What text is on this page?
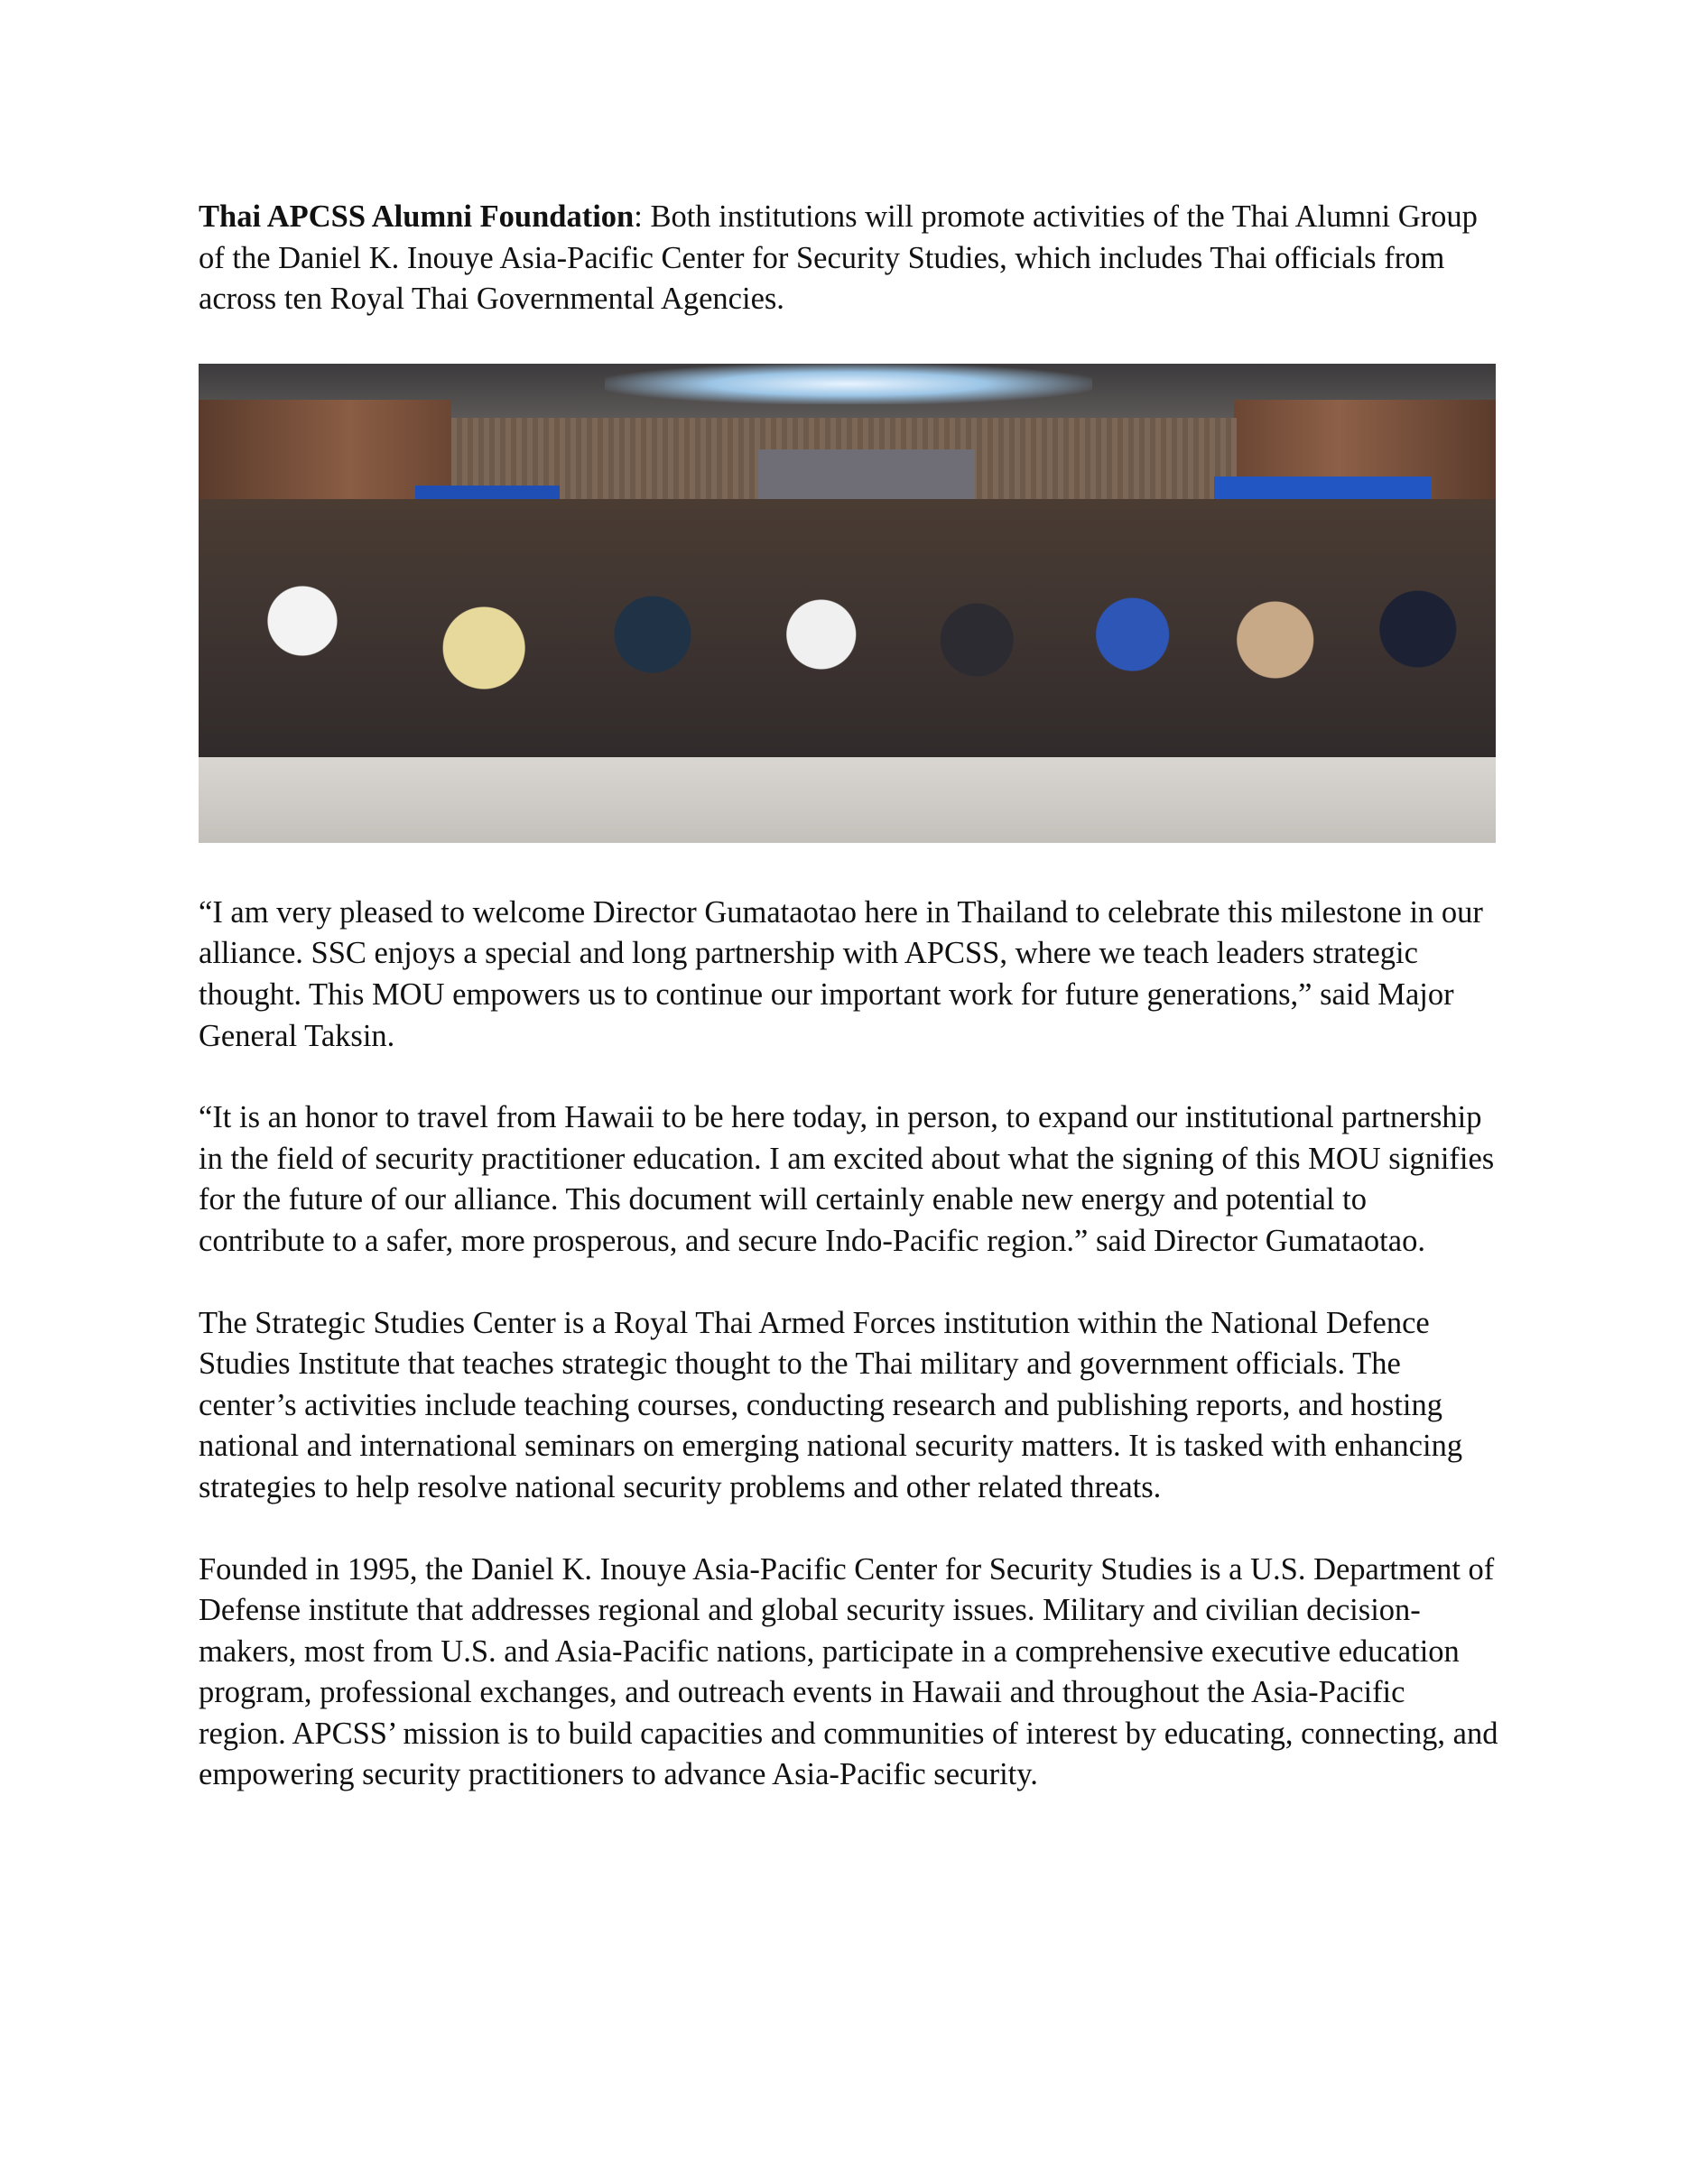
Thai APCSS Alumni Foundation: Both institutions will promote activities of the Thai Alumni Group of the Daniel K. Inouye Asia-Pacific Center for Security Studies, which includes Thai officials from across ten Royal Thai Governmental Agencies.

“I am very pleased to welcome Director Gumataotao here in Thailand to celebrate this milestone in our alliance. SSC enjoys a special and long partnership with APCSS, where we teach leaders strategic thought. This MOU empowers us to continue our important work for future generations,” said Major General Taksin.

“It is an honor to travel from Hawaii to be here today, in person, to expand our institutional partnership in the field of security practitioner education. I am excited about what the signing of this MOU signifies for the future of our alliance. This document will certainly enable new energy and potential to contribute to a safer, more prosperous, and secure Indo-Pacific region.” said Director Gumataotao.

The Strategic Studies Center is a Royal Thai Armed Forces institution within the National Defence Studies Institute that teaches strategic thought to the Thai military and government officials. The center’s activities include teaching courses, conducting research and publishing reports, and hosting national and international seminars on emerging national security matters. It is tasked with enhancing strategies to help resolve national security problems and other related threats.

Founded in 1995, the Daniel K. Inouye Asia-Pacific Center for Security Studies is a U.S. Department of Defense institute that addresses regional and global security issues. Military and civilian decision-makers, most from U.S. and Asia-Pacific nations, participate in a comprehensive executive education program, professional exchanges, and outreach events in Hawaii and throughout the Asia-Pacific region. APCSS’ mission is to build capacities and communities of interest by educating, connecting, and empowering security practitioners to advance Asia-Pacific security.
